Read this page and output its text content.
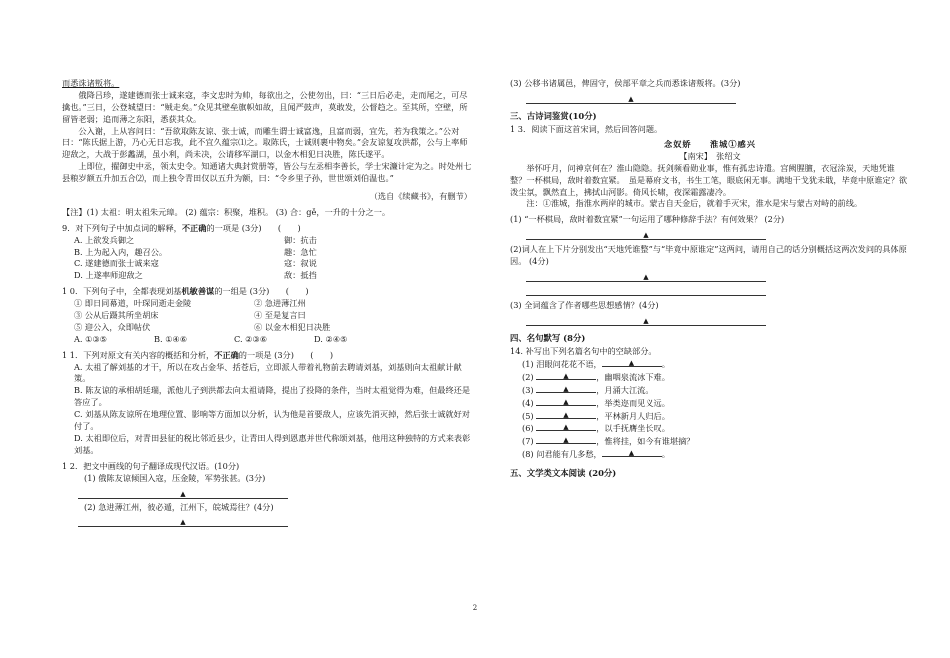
而悉诛诸叛将。

俄降吕珍，遂建德而张士诚来寇，李文忠时为帅，每欲出之，公使勿出，曰：“三日后必走，走而尾之，可尽擒也。”三日，公登城望曰：“贼走矣。”众见其壁垒旗帜如故，且闻严鼓声，莫敢发，公督趋之。至其所，空壁，所留皆老弱；追而薄之东阳，悉获其众。

公入谢，上从容问曰：“吾欲取陈友谅、张士诚，而雕生谓士诚富逸，且富而弱，宜先，若为我策之。”公对曰：“陈氏据上游，乃心无日忘我，此不宜久蕴宗⑴之。取陈氏，士诚则裹中物矣。”会友谅复攻洪都，公与上率师迎敌之，大战于彭蠡湖，虽小利，尚未决，公请移军湖口，以金木相犯日决胜，陈氏遂平。

上即位，擢御史中丞，领太史令。知通诸大典封赏册等，皆公与左丞相李善长，学士宋濂计定为之。时处州七县粮岁额五升加五合⑵，而上独令青田仅以五升为额，曰：“令乡里子孙，世世颂刘伯温也。”

（选自《续藏书》，有删节）

【注】(1) 太祖：明太祖朱元璋。 (2) 蕴宗：积聚，堆积。 (3) 合：gě，一升的十分之一。

9．对下列句子中加点词的解释，不正确的一项是 (3分)　　(　　)

A. 上欲发兵御之	御：抗击
B. 上为起入内，趣召公。	趣：急忙
C. 遂建德而张士诚来寇	寇：叙说
D. 上遂率师迎敌之	敌：抵挡

1 0．下列句子中，全都表现刘基机敏善谋的一组是 (3分)　　(　　)

① 即日同幕道，叶琛同逝走金陵	② 急进薄江州
③ 公从后蹑其所坐胡床	④ 至是复言曰
⑤ 迎公入，众即帖伏	⑥ 以金木相犯日决胜
A. ①③⑤	B. ①④⑥	C. ②③⑥	D. ②④⑤

1 1．下列对原文有关内容的概括和分析，不正确的一项是 (3分)　　(　　)

A. 太祖了解刘基的才干，所以在攻占金华、括苍后，立即派人带着礼物前去聘请刘基，刘基则向太祖献计献策。

B. 陈友谅的承相胡廷瑞，派他儿子到洪都去向太祖请降，提出了投降的条件，当时太祖觉得为难，但最终还是答应了。

C. 刘基从陈友谅所在地理位置、影响等方面加以分析，认为他是首要敌人，应该先消灭掉，然后张士诚就好对付了。

D. 太祖即位后，对青田县征的税比邻近县少，让青田人得到恩惠并世代称颂刘基，他用这种独特的方式来表彰刘基。

1 2．把文中画线的句子翻译成现代汉语。(10分)

(1) 俄陈友谅倾国入寇，压金陵，军势张甚。(3分)

▲

(2) 急进薄江州，彼必遁，江州下，皖城焉往？(4分)

▲

(3) 公移书诸属邑，俾固守，侯部平章之兵而悉诛诸叛将。(3分)

▲
三、古诗词鉴赏(10分)

1 3．阅读下面这首宋词，然后回答问题。

念奴娇　　淮城①感兴

【南宋】　张绍文

举怀吁月，问神京何在？淮山隐隐。抚剑频看勋业事，惟有孤忠诗遣。宫阙腥膻，衣冠涂炭，天地凭谁整？一杯棋局，敌时着数宜紧。　虽是幕府文书，书生工笔，眼底闲无事。满地干戈犹未戢，毕竟中原谁定？欲泼尘氛，飘然直上，拂拭山河影。倚风长啸，夜深霜露凄冷。

注：①淮城，指淮水两岸的城市。蒙古自天金后，就着手灭宋，淮水是宋与蒙古对峙的前线。

(1) “一杯棋局，敌时着数宜紧”一句运用了哪种修辞手法？有何效果？ (2分)

▲

(2)词人在上下片分别发出“天地凭谁整”与“毕竟中原谁定”这两问，请用自己的话分别概括这两次发问的具体原因。 (4分)

▲

(3) 全词蕴含了作者哪些思想感情？(4分)

▲
四、名句默写 (8分)

14. 补写出下列名篇名句中的空缺部分。

(1) 泪眼问花花不语，	▲	。

(2)	▲	，幽咽泉流冰下难。

(3)	▲	，月涌大江流。

(4)	▲	，举类迩而见义远。

(5)	▲	，平林新月人归后。

(6)	▲	，以手抚膺坐长叹。

(7)	▲	，惟将挂，如今有谁堪摘？

(8) 问君能有几多愁，	▲	。

五、文学类文本阅读 (20分)
2
